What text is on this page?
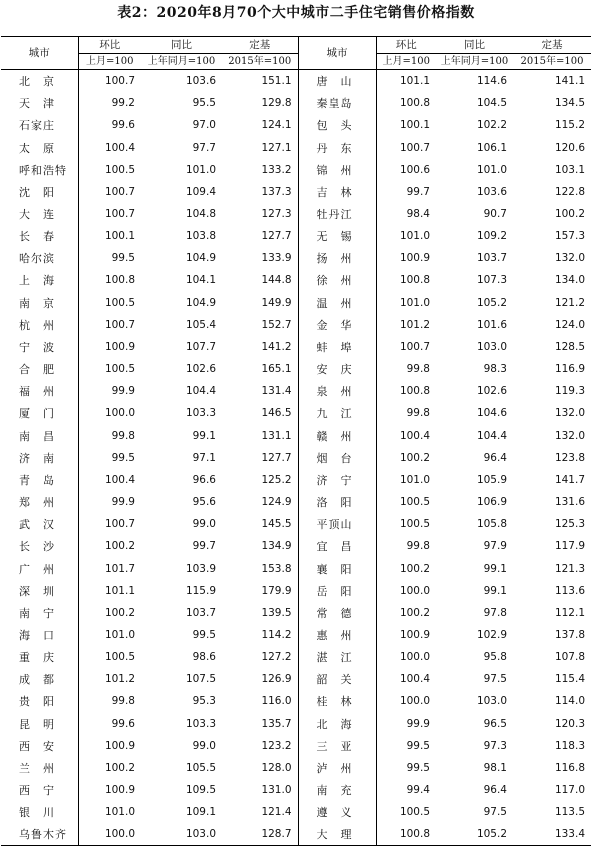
表2：2020年8月70个大中城市二手住宅销售价格指数
城市	环比	同比	定基	城市	环比	同比	定基
	上月=100	上年同月=100	2015年=100		上月=100	上年同月=100	2015年=100
北　京	100.7	103.6	151.1	唐　山	101.1	114.6	141.1
天　津	99.2	95.5	129.8	秦皇岛	100.8	104.5	134.5
石家庄	99.6	97.0	124.1	包　头	100.1	102.2	115.2
太　原	100.4	97.7	127.1	丹　东	100.7	106.1	120.6
呼和浩特	100.5	101.0	133.2	锦　州	100.6	101.0	103.1
沈　阳	100.7	109.4	137.3	吉　林	99.7	103.6	122.8
大　连	100.7	104.8	127.3	牡丹江	98.4	90.7	100.2
长　春	100.1	103.8	127.7	无　锡	101.0	109.2	157.3
哈尔滨	99.5	104.9	133.9	扬　州	100.9	103.7	132.0
上　海	100.8	104.1	144.8	徐　州	100.8	107.3	134.0
南　京	100.5	104.9	149.9	温　州	101.0	105.2	121.2
杭　州	100.7	105.4	152.7	金　华	101.2	101.6	124.0
宁　波	100.9	107.7	141.2	蚌　埠	100.7	103.0	128.5
合　肥	100.5	102.6	165.1	安　庆	99.8	98.3	116.9
福　州	99.9	104.4	131.4	泉　州	100.8	102.6	119.3
厦　门	100.0	103.3	146.5	九　江	99.8	104.6	132.0
南　昌	99.8	99.1	131.1	赣　州	100.4	104.4	132.0
济　南	99.5	97.1	127.7	烟　台	100.2	96.4	123.8
青　岛	100.4	96.6	125.2	济　宁	101.0	105.9	141.7
郑　州	99.9	95.6	124.9	洛　阳	100.5	106.9	131.6
武　汉	100.7	99.0	145.5	平顶山	100.5	105.8	125.3
长　沙	100.2	99.7	134.9	宜　昌	99.8	97.9	117.9
广　州	101.7	103.9	153.8	襄　阳	100.2	99.1	121.3
深　圳	101.1	115.9	179.9	岳　阳	100.0	99.1	113.6
南　宁	100.2	103.7	139.5	常　德	100.2	97.8	112.1
海　口	101.0	99.5	114.2	惠　州	100.9	102.9	137.8
重　庆	100.5	98.6	127.2	湛　江	100.0	95.8	107.8
成　都	101.2	107.5	126.9	韶　关	100.4	97.5	115.4
贵　阳	99.8	95.3	116.0	桂　林	100.0	103.0	114.0
昆　明	99.6	103.3	135.7	北　海	99.9	96.5	120.3
西　安	100.9	99.0	123.2	三　亚	99.5	97.3	118.3
兰　州	100.2	105.5	128.0	泸　州	99.5	98.1	116.8
西　宁	100.9	109.5	131.0	南　充	99.4	96.4	117.0
银　川	101.0	109.1	121.4	遵　义	100.5	97.5	113.5
乌鲁木齐	100.0	103.0	128.7	大　理	100.8	105.2	133.4
